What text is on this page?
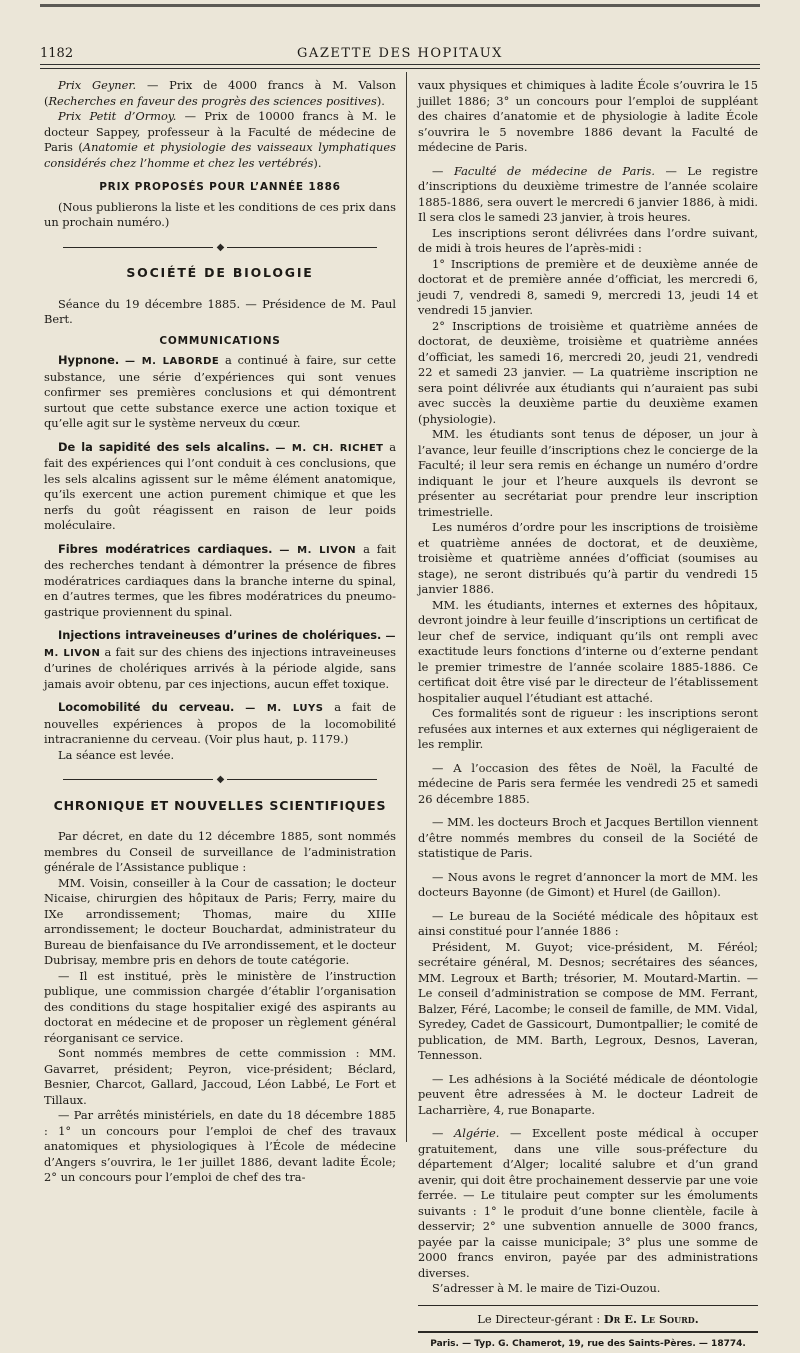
1182	GAZETTE DES HOPITAUX

Prix Geyner. — Prix de 4000 francs à M. Valson (Recherches en faveur des progrès des sciences positives).

Prix Petit d’Ormoy. — Prix de 10000 francs à M. le docteur Sappey, professeur à la Faculté de médecine de Paris (Anatomie et physiologie des vaisseaux lymphatiques considérés chez l’homme et chez les vertébrés).

PRIX PROPOSÉS POUR L’ANNÉE 1886

(Nous publierons la liste et les conditions de ces prix dans un prochain numéro.)

◆

SOCIÉTÉ DE BIOLOGIE

Séance du 19 décembre 1885. — Présidence de M. Paul Bert.

COMMUNICATIONS

Hypnone. — M. LABORDE a continué à faire, sur cette substance, une série d’expériences qui sont venues confirmer ses premières conclusions et qui démontrent surtout que cette substance exerce une action toxique et qu’elle agit sur le système nerveux du cœur.

De la sapidité des sels alcalins. — M. CH. RICHET a fait des expériences qui l’ont conduit à ces conclusions, que les sels alcalins agissent sur le même élément anatomique, qu’ils exercent une action purement chimique et que les nerfs du goût réagissent en raison de leur poids moléculaire.

Fibres modératrices cardiaques. — M. LIVON a fait des recherches tendant à démontrer la présence de fibres modératrices cardiaques dans la branche interne du spinal, en d’autres termes, que les fibres modératrices du pneumo-gastrique proviennent du spinal.

Injections intraveineuses d’urines de cholériques. — M. LIVON a fait sur des chiens des injections intraveineuses d’urines de cholériques arrivés à la période algide, sans jamais avoir obtenu, par ces injections, aucun effet toxique.

Locomobilité du cerveau. — M. LUYS a fait de nouvelles expériences à propos de la locomobilité intracranienne du cerveau. (Voir plus haut, p. 1179.)

La séance est levée.

◆

CHRONIQUE ET NOUVELLES SCIENTIFIQUES

Par décret, en date du 12 décembre 1885, sont nommés membres du Conseil de surveillance de l’administration générale de l’Assistance publique :

MM. Voisin, conseiller à la Cour de cassation; le docteur Nicaise, chirurgien des hôpitaux de Paris; Ferry, maire du IXe arrondissement; Thomas, maire du XIIIe arrondissement; le docteur Bouchardat, administrateur du Bureau de bienfaisance du IVe arrondissement, et le docteur Dubrisay, membre pris en dehors de toute catégorie.

— Il est institué, près le ministère de l’instruction publique, une commission chargée d’établir l’organisation des conditions du stage hospitalier exigé des aspirants au doctorat en médecine et de proposer un règlement général réorganisant ce service.

Sont nommés membres de cette commission : MM. Gavarret, président; Peyron, vice-président; Béclard, Besnier, Charcot, Gallard, Jaccoud, Léon Labbé, Le Fort et Tillaux.

— Par arrêtés ministériels, en date du 18 décembre 1885 : 1° un concours pour l’emploi de chef des travaux anatomiques et physiologiques à l’École de médecine d’Angers s’ouvrira, le 1er juillet 1886, devant ladite École; 2° un concours pour l’emploi de chef des tra-

vaux physiques et chimiques à ladite École s’ouvrira le 15 juillet 1886; 3° un concours pour l’emploi de suppléant des chaires d’anatomie et de physiologie à ladite École s’ouvrira le 5 novembre 1886 devant la Faculté de médecine de Paris.

— Faculté de médecine de Paris. — Le registre d’inscriptions du deuxième trimestre de l’année scolaire 1885-1886, sera ouvert le mercredi 6 janvier 1886, à midi. Il sera clos le samedi 23 janvier, à trois heures.

Les inscriptions seront délivrées dans l’ordre suivant, de midi à trois heures de l’après-midi :

1° Inscriptions de première et de deuxième année de doctorat et de première année d’officiat, les mercredi 6, jeudi 7, vendredi 8, samedi 9, mercredi 13, jeudi 14 et vendredi 15 janvier.

2° Inscriptions de troisième et quatrième années de doctorat, de deuxième, troisième et quatrième années d’officiat, les samedi 16, mercredi 20, jeudi 21, vendredi 22 et samedi 23 janvier. — La quatrième inscription ne sera point délivrée aux étudiants qui n’auraient pas subi avec succès la deuxième partie du deuxième examen (physiologie).

MM. les étudiants sont tenus de déposer, un jour à l’avance, leur feuille d’inscriptions chez le concierge de la Faculté; il leur sera remis en échange un numéro d’ordre indiquant le jour et l’heure auxquels ils devront se présenter au secrétariat pour prendre leur inscription trimestrielle.

Les numéros d’ordre pour les inscriptions de troisième et quatrième années de doctorat, et de deuxième, troisième et quatrième années d’officiat (soumises au stage), ne seront distribués qu’à partir du vendredi 15 janvier 1886.

MM. les étudiants, internes et externes des hôpitaux, devront joindre à leur feuille d’inscriptions un certificat de leur chef de service, indiquant qu’ils ont rempli avec exactitude leurs fonctions d’interne ou d’externe pendant le premier trimestre de l’année scolaire 1885-1886. Ce certificat doit être visé par le directeur de l’établissement hospitalier auquel l’étudiant est attaché.

Ces formalités sont de rigueur : les inscriptions seront refusées aux internes et aux externes qui négligeraient de les remplir.

— A l’occasion des fêtes de Noël, la Faculté de médecine de Paris sera fermée les vendredi 25 et samedi 26 décembre 1885.

— MM. les docteurs Broch et Jacques Bertillon viennent d’être nommés membres du conseil de la Société de statistique de Paris.

— Nous avons le regret d’annoncer la mort de MM. les docteurs Bayonne (de Gimont) et Hurel (de Gaillon).

— Le bureau de la Société médicale des hôpitaux est ainsi constitué pour l’année 1886 :

Président, M. Guyot; vice-président, M. Féréol; secrétaire général, M. Desnos; secrétaires des séances, MM. Legroux et Barth; trésorier, M. Moutard-Martin. — Le conseil d’administration se compose de MM. Ferrant, Balzer, Féré, Lacombe; le conseil de famille, de MM. Vidal, Syredey, Cadet de Gassicourt, Dumontpallier; le comité de publication, de MM. Barth, Legroux, Desnos, Laveran, Tennesson.

— Les adhésions à la Société médicale de déontologie peuvent être adressées à M. le docteur Ladreit de Lacharrière, 4, rue Bonaparte.

— Algérie. — Excellent poste médical à occuper gratuitement, dans une ville sous-préfecture du département d’Alger; localité salubre et d’un grand avenir, qui doit être prochainement desservie par une voie ferrée. — Le titulaire peut compter sur les émoluments suivants : 1° le produit d’une bonne clientèle, facile à desservir; 2° une subvention annuelle de 3000 francs, payée par la caisse municipale; 3° plus une somme de 2000 francs environ, payée par des administrations diverses.

S’adresser à M. le maire de Tizi-Ouzou.

Le Directeur-gérant : Dr E. Le Sourd.

Paris. — Typ. G. Chamerot, 19, rue des Saints-Pères. — 18774.
